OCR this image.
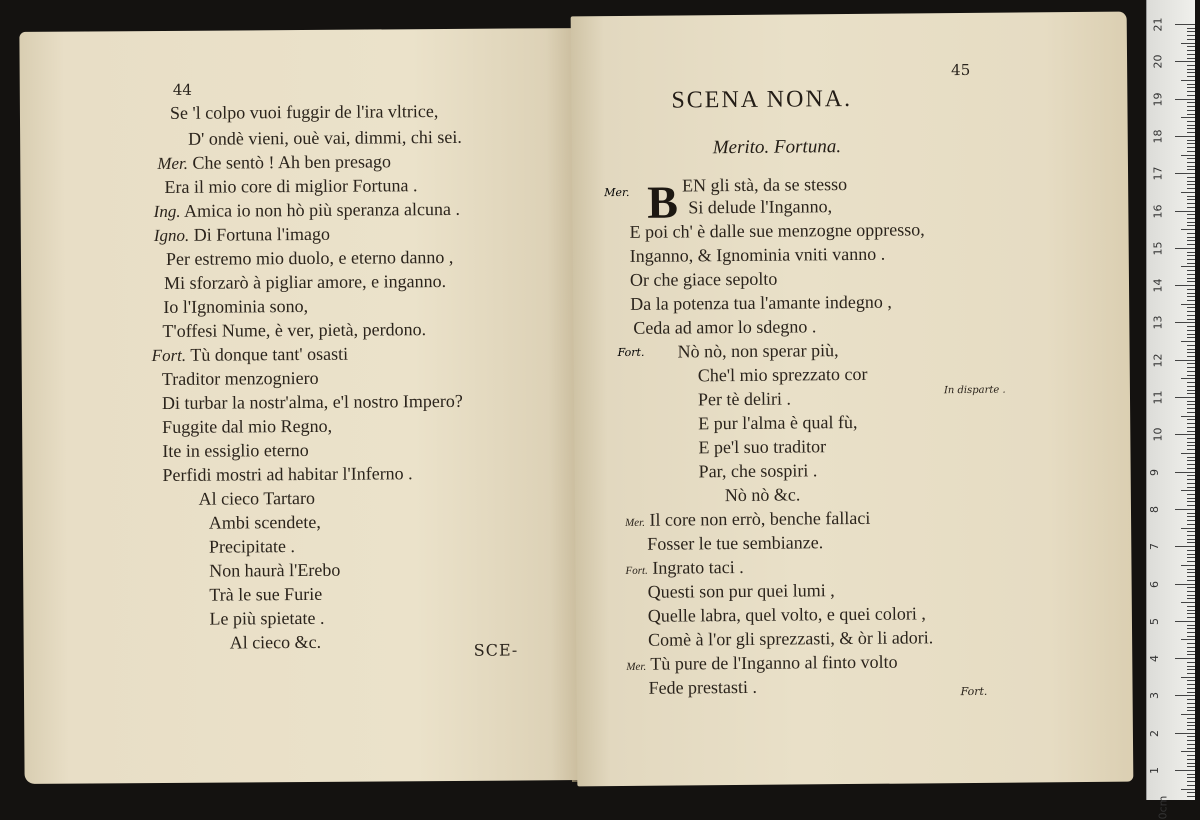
44
Se 'l colpo vuoi fuggir de l'ira vltrice,
D' ondè vieni, ouè vai, dimmi, chi sei.
Mer. Che sentò ! Ah ben presago
Era il mio core di miglior Fortuna .
Ing. Amica io non hò più speranza alcuna .
Igno. Di Fortuna l'imago
Per estremo mio duolo, e eterno danno ,
Mi sforzarò à pigliar amore, e inganno.
Io l'Ignominia sono,
T'offesi Nume, è ver, pietà, perdono.
Fort. Tù donque tant' osasti
Traditor menzogniero
Di turbar la nostr'alma, e'l nostro Impero?
Fuggite dal mio Regno,
Ite in essiglio eterno
Perfidi mostri ad habitar l'Inferno .
Al cieco Tartaro
Ambi scendete,
Precipitate .
Non haurà l'Erebo
Trà le sue Furie
Le più spietate .
Al cieco &c.	SCE-
45
SCENA NONA.
Merito. Fortuna.
Mer. B EN gli stà, da se stesso
Si delude l'Inganno,
E poi ch' è dalle sue menzogne oppresso,
Inganno, & Ignominia vniti vanno .
Or che giace sepolto
Da la potenza tua l'amante indegno ,
Ceda ad amor lo sdegno .
Fort. Nò nò, non sperar più,
Che'l mio sprezzato cor
Per tè deliri .
E pur l'alma è qual fù,
In disparte .
E pe'l suo traditor
Par, che sospiri .
Nò nò &c.
Mer. Il core non errò, benche fallaci
Fosser le tue sembianze.
Fort. Ingrato taci .
Questi son pur quei lumi ,
Quelle labra, quel volto, e quei colori ,
Comè à l'or gli sprezzasti, & òr li adori.
Mer. Tù pure de l'Inganno al finto volto
Fede prestasti .	Fort.
21
20
19
18
17
16
15
14
13
12
11
10
9
8
7
6
5
4
3
2
1
0cm
